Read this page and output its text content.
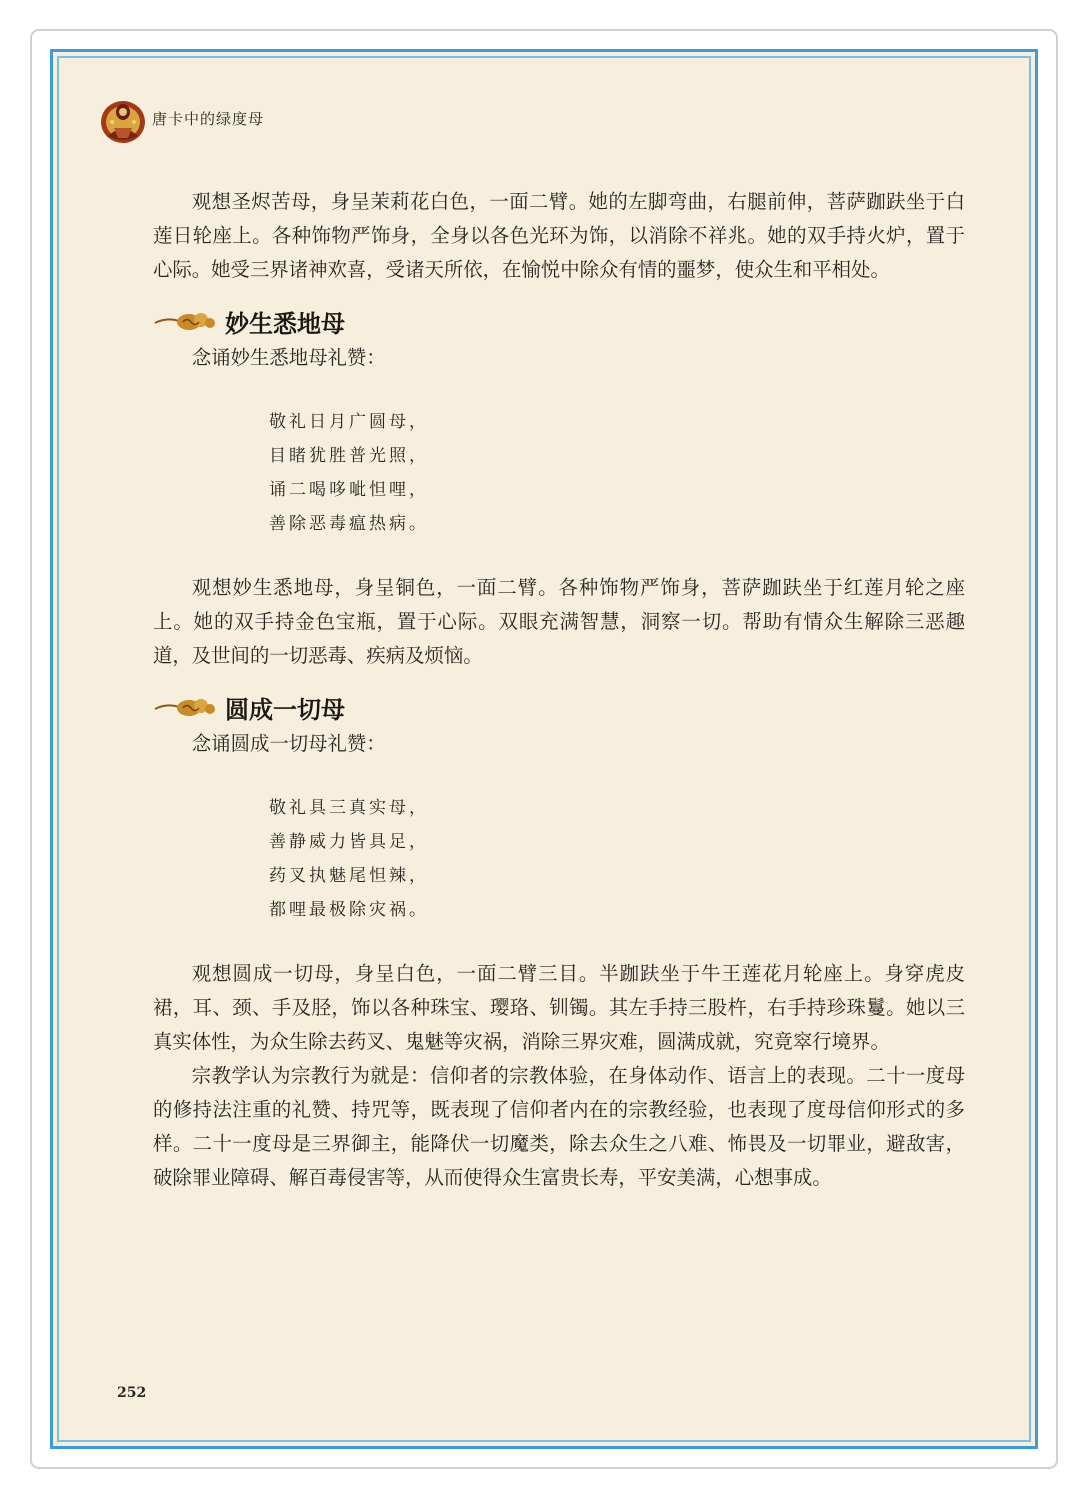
唐卡中的绿度母

观想圣烬苦母，身呈茉莉花白色，一面二臂。她的左脚弯曲，右腿前伸，菩萨跏趺坐于白莲日轮座上。各种饰物严饰身，全身以各色光环为饰，以消除不祥兆。她的双手持火炉，置于心际。她受三界诸神欢喜，受诸天所依，在愉悦中除众有情的噩梦，使众生和平相处。

妙生悉地母

念诵妙生悉地母礼赞：

敬礼日月广圆母，
目睹犹胜普光照，
诵二喝哆呲怛哩，
善除恶毒瘟热病。

观想妙生悉地母，身呈铜色，一面二臂。各种饰物严饰身，菩萨跏趺坐于红莲月轮之座上。她的双手持金色宝瓶，置于心际。双眼充满智慧，洞察一切。帮助有情众生解除三恶趣道，及世间的一切恶毒、疾病及烦恼。

圆成一切母

念诵圆成一切母礼赞：

敬礼具三真实母，
善静威力皆具足，
药叉执魅尾怛辣，
都哩最极除灾祸。

观想圆成一切母，身呈白色，一面二臂三目。半跏趺坐于牛王莲花月轮座上。身穿虎皮裙，耳、颈、手及胫，饰以各种珠宝、璎珞、钏镯。其左手持三股杵，右手持珍珠鬘。她以三真实体性，为众生除去药叉、鬼魅等灾祸，消除三界灾难，圆满成就，究竟窣行境界。

宗教学认为宗教行为就是：信仰者的宗教体验，在身体动作、语言上的表现。二十一度母的修持法注重的礼赞、持咒等，既表现了信仰者内在的宗教经验，也表现了度母信仰形式的多样。二十一度母是三界御主，能降伏一切魔类，除去众生之八难、怖畏及一切罪业，避敌害，破除罪业障碍、解百毒侵害等，从而使得众生富贵长寿，平安美满，心想事成。

252
